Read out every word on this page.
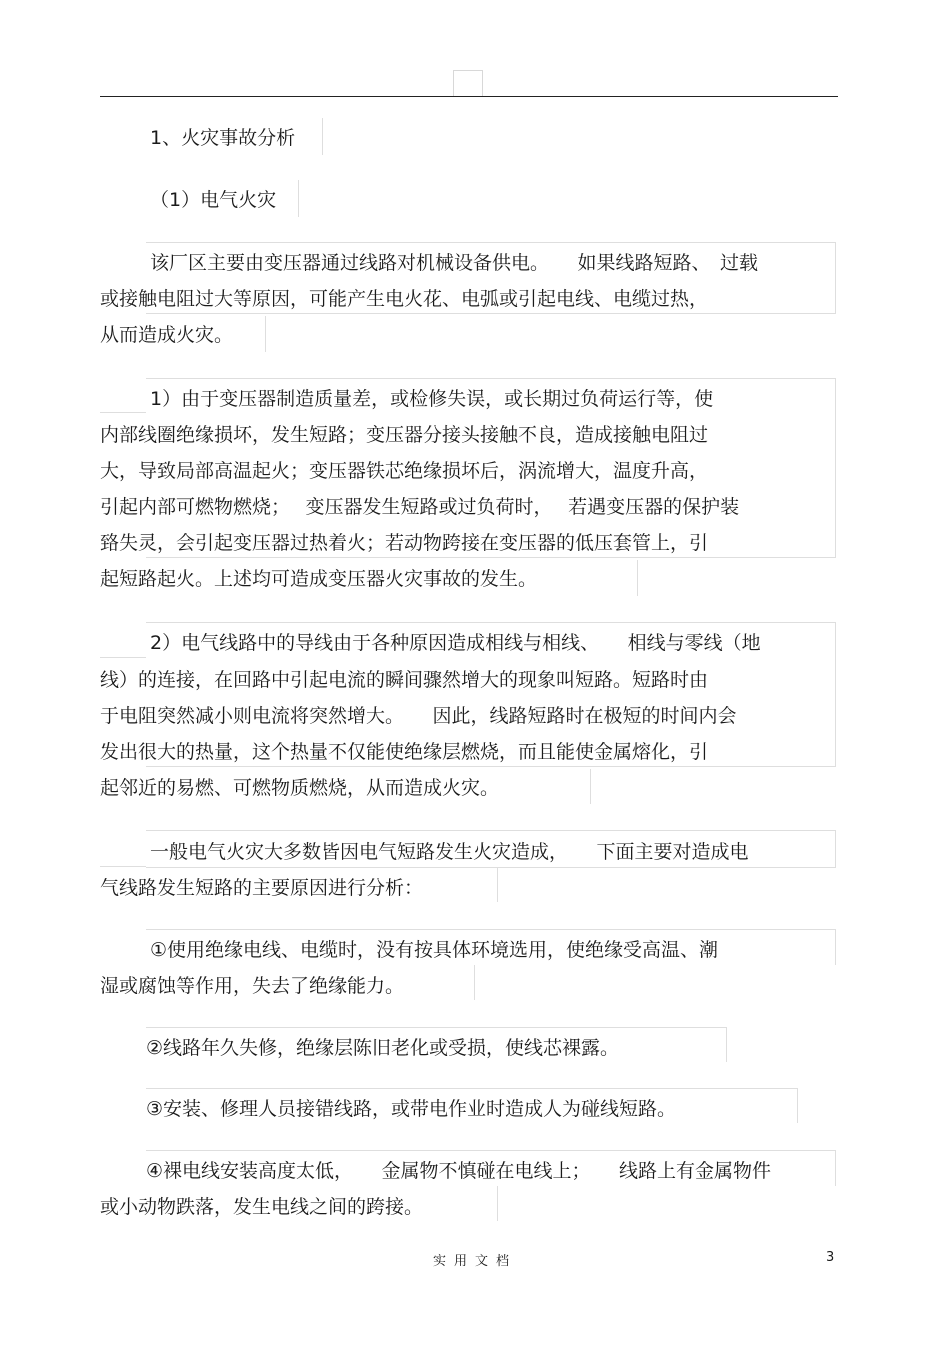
1、火灾事故分析
（1）电气火灾
该厂区主要由变压器通过线路对机械设备供电。　　如果线路短路、　过载
或接触电阻过大等原因，可能产生电火花、电弧或引起电线、电缆过热，
从而造成火灾。
1）由于变压器制造质量差，或检修失误，或长期过负荷运行等，使
内部线圈绝缘损坏，发生短路；变压器分接头接触不良，造成接触电阻过
大，导致局部高温起火；变压器铁芯绝缘损坏后，涡流增大，温度升高，
引起内部可燃物燃烧；　 变压器发生短路或过负荷时，　 若遇变压器的保护装
臵失灵，会引起变压器过热着火；若动物跨接在变压器的低压套管上，引
起短路起火。上述均可造成变压器火灾事故的发生。
2）电气线路中的导线由于各种原因造成相线与相线、　　相线与零线（地
线）的连接，在回路中引起电流的瞬间骤然增大的现象叫短路。短路时由
于电阻突然减小则电流将突然增大。　　因此，线路短路时在极短的时间内会
发出很大的热量，这个热量不仅能使绝缘层燃烧，而且能使金属熔化，引
起邻近的易燃、可燃物质燃烧，从而造成火灾。
一般电气火灾大多数皆因电气短路发生火灾造成，　　下面主要对造成电
气线路发生短路的主要原因进行分析：
①使用绝缘电线、电缆时，没有按具体环境选用，使绝缘受高温、潮
湿或腐蚀等作用，失去了绝缘能力。
②线路年久失修，绝缘层陈旧老化或受损，使线芯裸露。
③安装、修理人员接错线路，或带电作业时造成人为碰线短路。
④裸电线安装高度太低，　　金属物不慎碰在电线上；　　线路上有金属物件
或小动物跌落，发生电线之间的跨接。
实用文档	3
